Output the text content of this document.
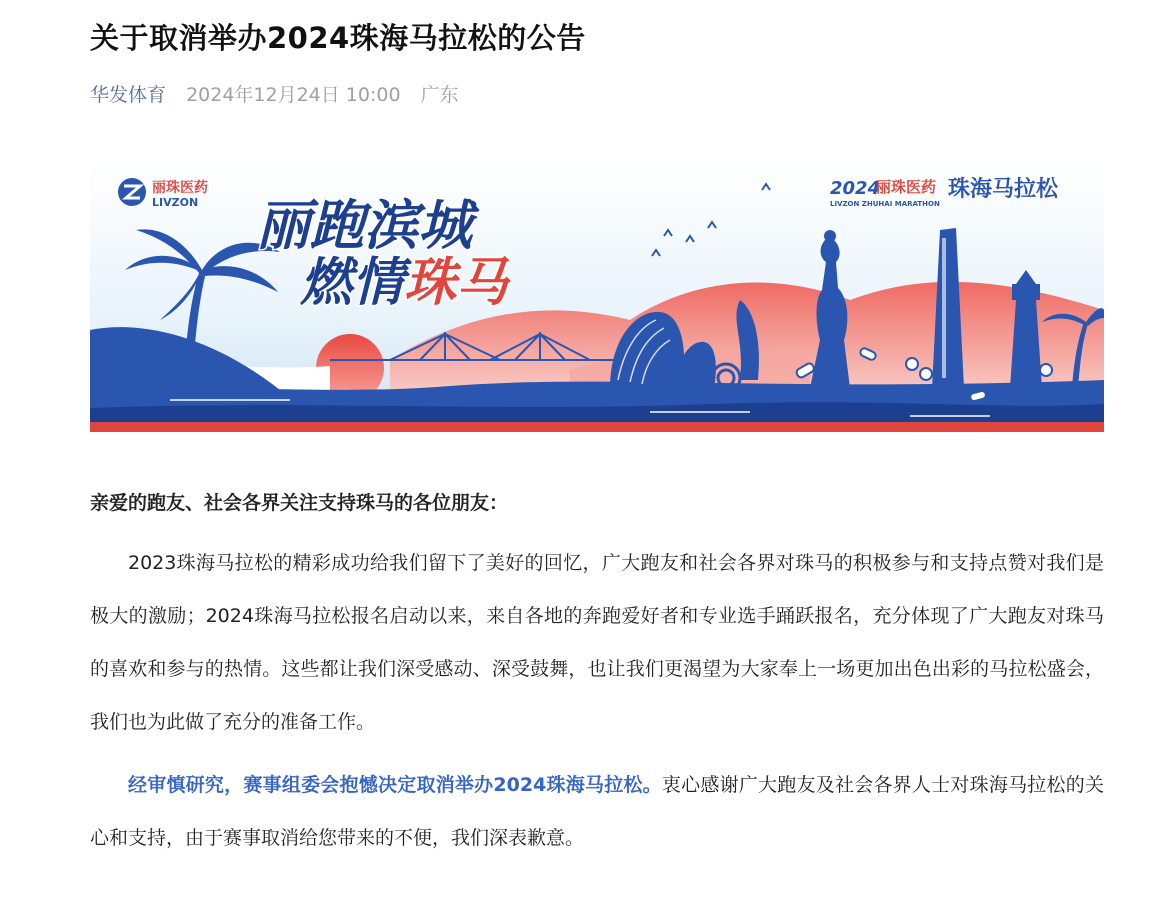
关于取消举办2024珠海马拉松的公告
华发体育 2024年12月24日 10:00 广东
丽珠医药
LIVZON 丽跑滨城
燃情珠马
2024
丽珠医药 珠海马拉松
LIVZON ZHUHAI MARATHON

亲爱的跑友、社会各界关注支持珠马的各位朋友：

2023珠海马拉松的精彩成功给我们留下了美好的回忆，广大跑友和社会各界对珠马的积极参与和支持点赞对我们是极大的激励；2024珠海马拉松报名启动以来，来自各地的奔跑爱好者和专业选手踊跃报名，充分体现了广大跑友对珠马的喜欢和参与的热情。这些都让我们深受感动、深受鼓舞，也让我们更渴望为大家奉上一场更加出色出彩的马拉松盛会，我们也为此做了充分的准备工作。

经审慎研究，赛事组委会抱憾决定取消举办2024珠海马拉松。衷心感谢广大跑友及社会各界人士对珠海马拉松的关心和支持，由于赛事取消给您带来的不便，我们深表歉意。
